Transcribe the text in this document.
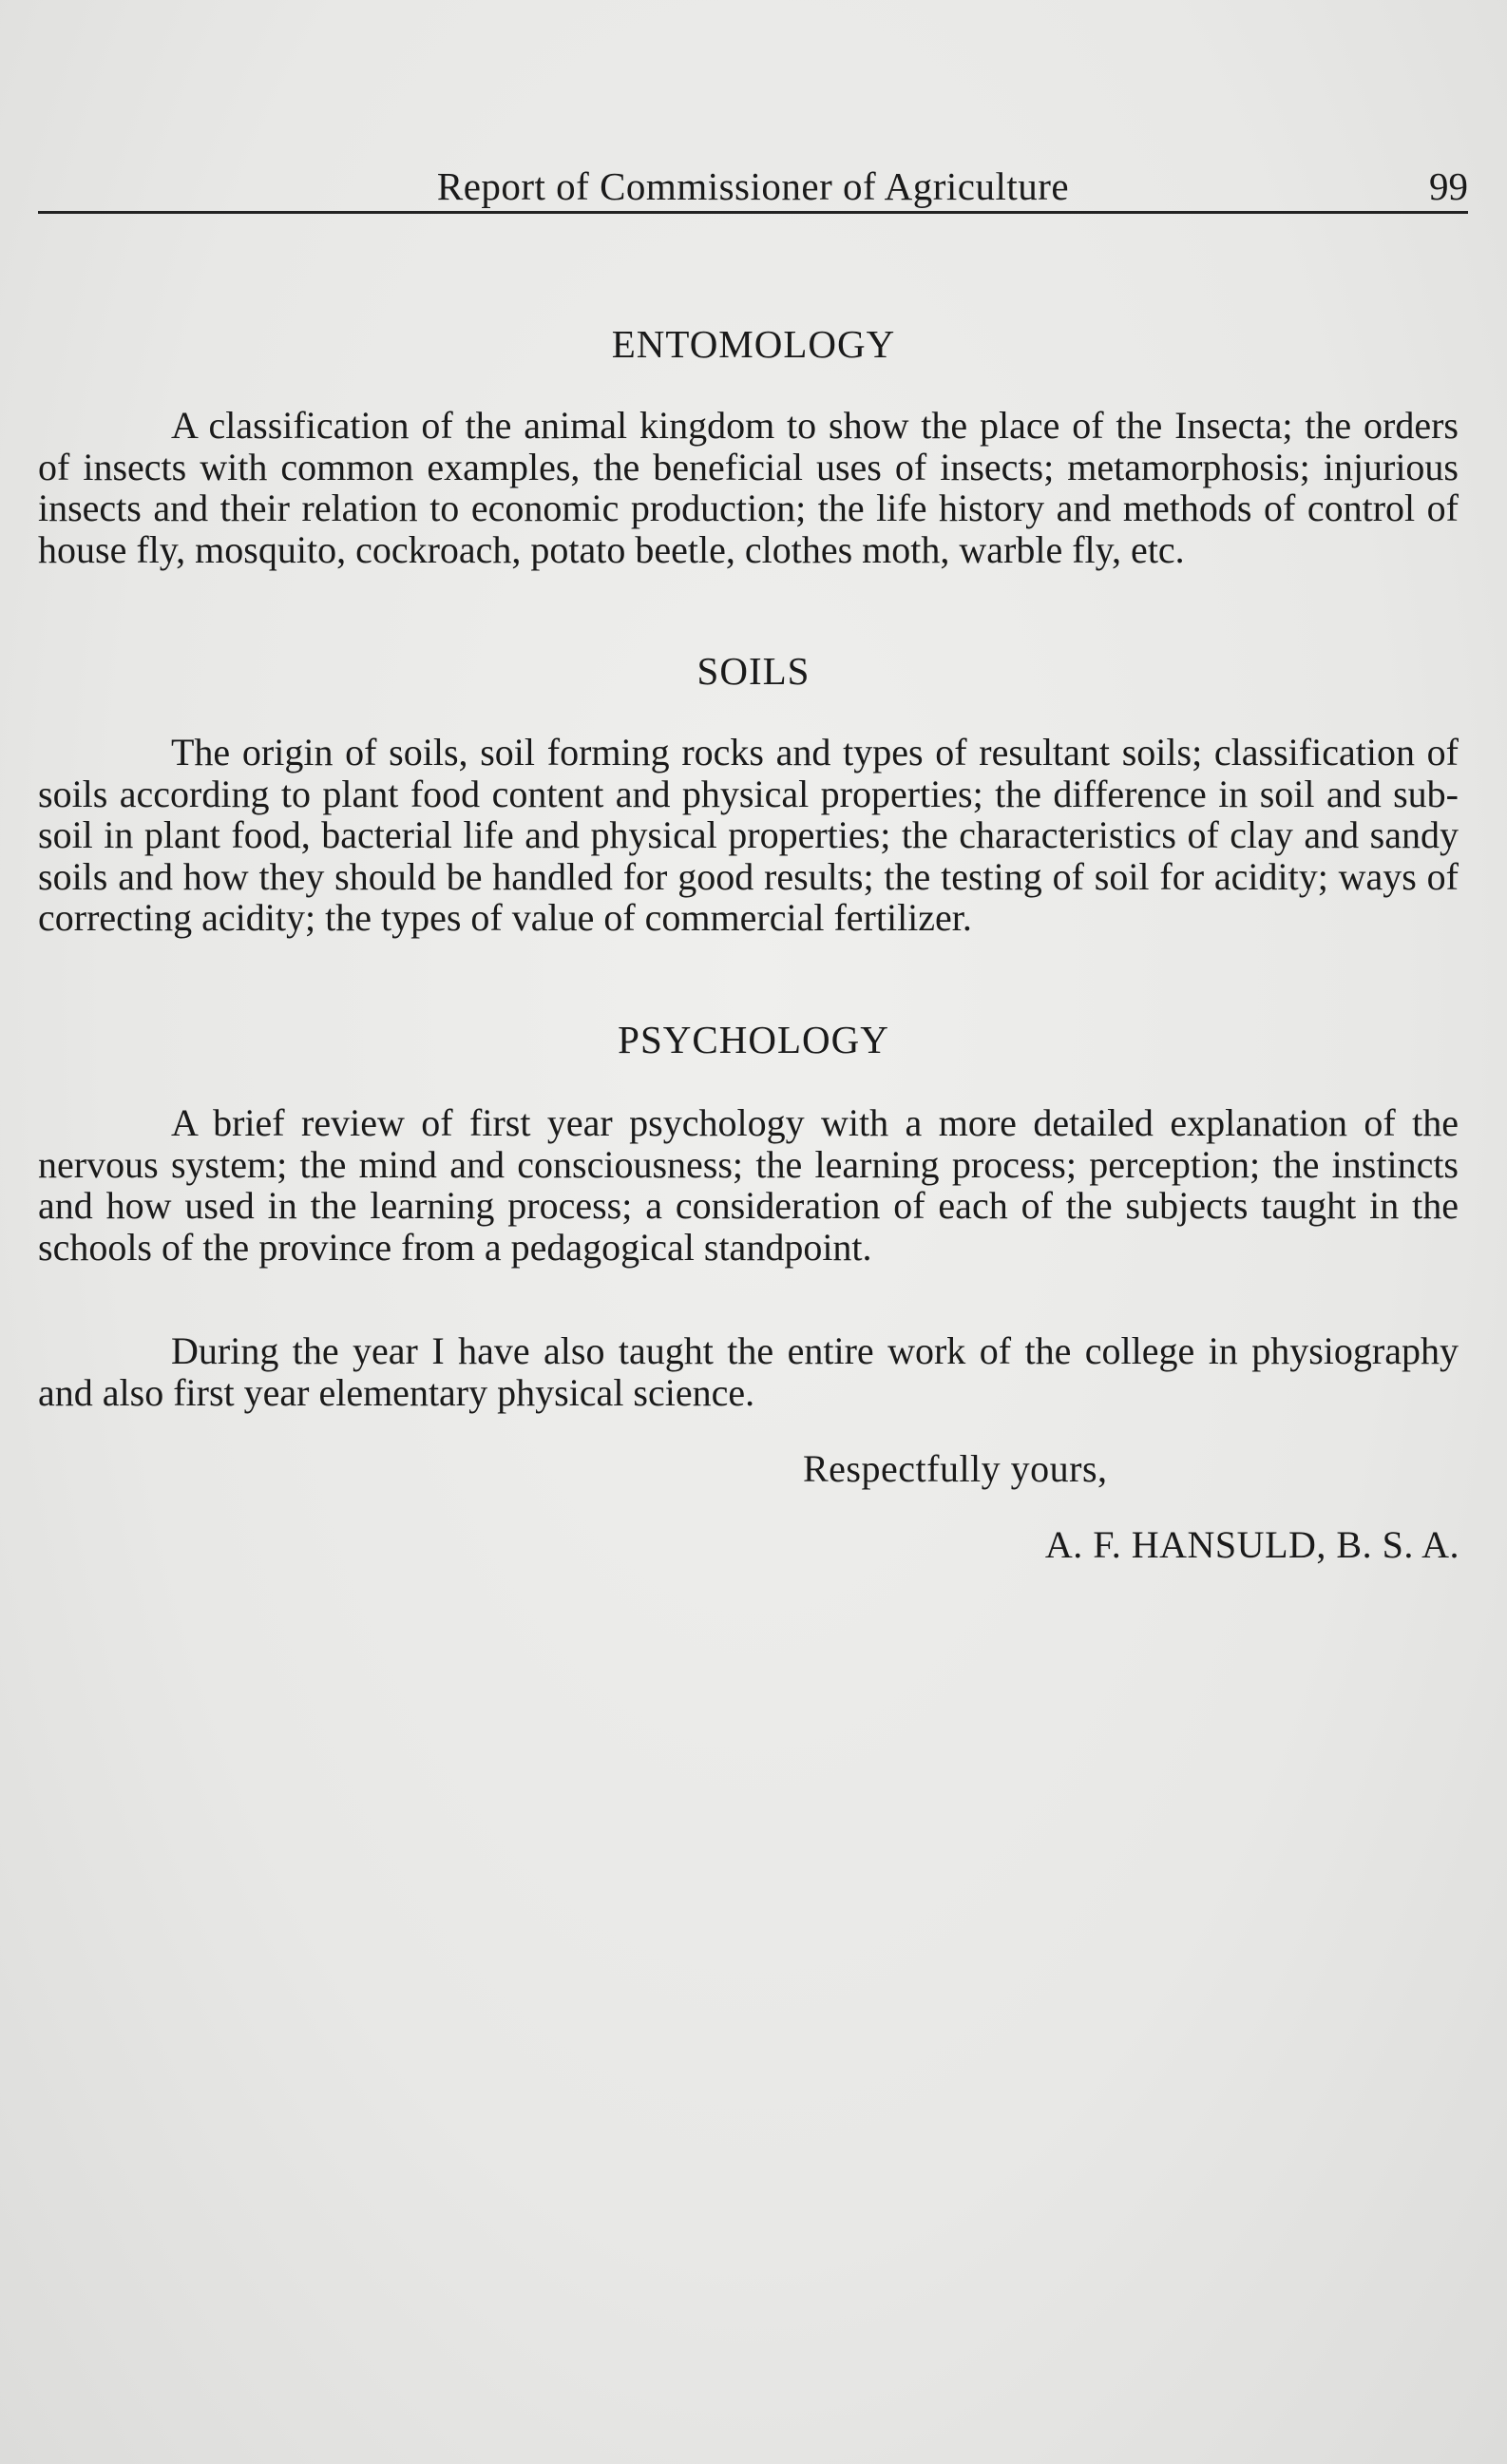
Report of Commissioner of Agriculture	99
ENTOMOLOGY

A classification of the animal kingdom to show the place of the Insecta; the orders of insects with common examples, the beneficial uses of insects; metamorphosis; injurious insects and their relation to economic production; the life history and methods of control of house fly, mosquito, cockroach, potato beetle, clothes moth, warble fly, etc.

SOILS

The origin of soils, soil forming rocks and types of resultant soils; classification of soils according to plant food content and physical properties; the difference in soil and sub-soil in plant food, bacterial life and physical properties; the characteristics of clay and sandy soils and how they should be handled for good results; the testing of soil for acidity; ways of correcting acidity; the types of value of commercial fertilizer.

PSYCHOLOGY

A brief review of first year psychology with a more detailed explanation of the nervous system; the mind and consciousness; the learning process; perception; the instincts and how used in the learning process; a consideration of each of the subjects taught in the schools of the province from a pedagogical standpoint.

During the year I have also taught the entire work of the college in physiography and also first year elementary physical science.

Respectfully yours,
A. F. HANSULD, B. S. A.
